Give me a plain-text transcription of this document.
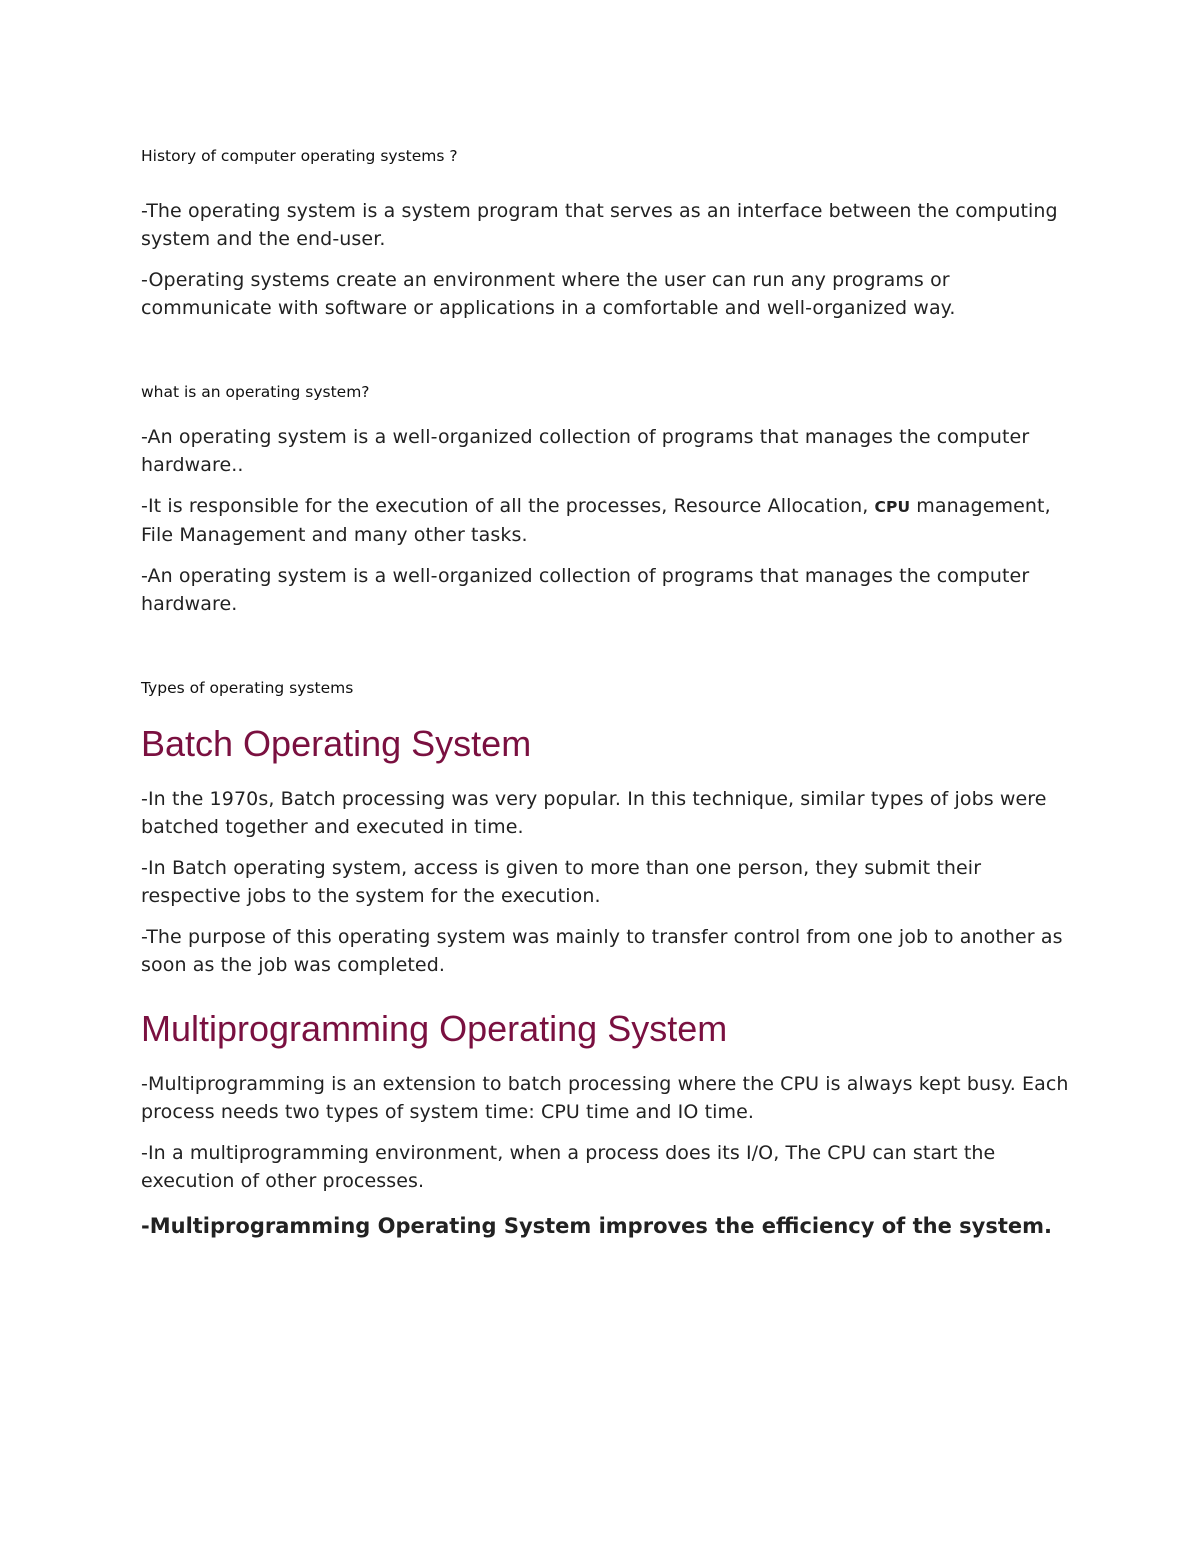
History of computer operating systems ?

-The operating system is a system program that serves as an interface between the computing system and the end-user.

-Operating systems create an environment where the user can run any programs or communicate with software or applications in a comfortable and well-organized way.

what is an operating system?

-An operating system is a well-organized collection of programs that manages the computer hardware..

-It is responsible for the execution of all the processes, Resource Allocation, CPU management, File Management and many other tasks.

-An operating system is a well-organized collection of programs that manages the computer hardware.

Types of operating systems

Batch Operating System

-In the 1970s, Batch processing was very popular. In this technique, similar types of jobs were batched together and executed in time.

-In Batch operating system, access is given to more than one person, they submit their respective jobs to the system for the execution.

-The purpose of this operating system was mainly to transfer control from one job to another as soon as the job was completed.

Multiprogramming Operating System

-Multiprogramming is an extension to batch processing where the CPU is always kept busy. Each process needs two types of system time: CPU time and IO time.

-In a multiprogramming environment, when a process does its I/O, The CPU can start the execution of other processes.

-Multiprogramming Operating System improves the efficiency of the system.
